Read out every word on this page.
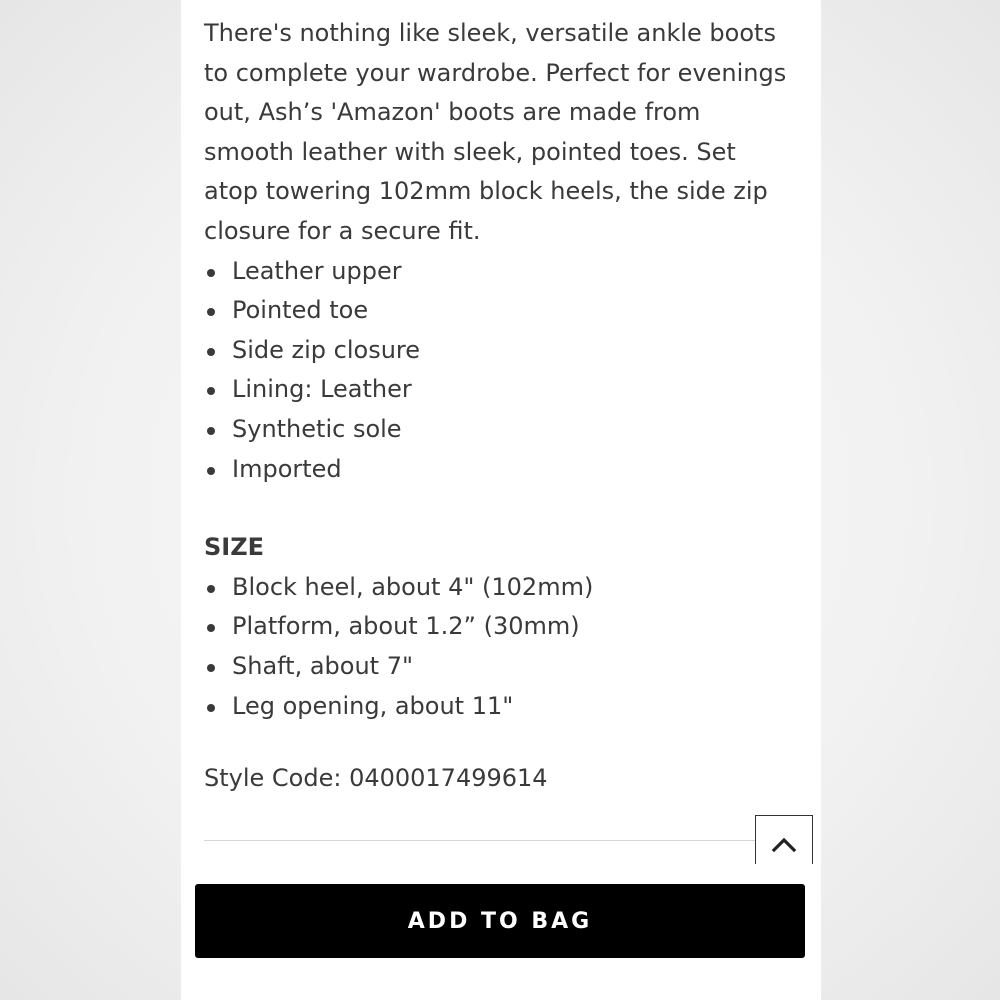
There's nothing like sleek, versatile ankle boots to complete your wardrobe. Perfect for evenings out, Ash’s 'Amazon' boots are made from smooth leather with sleek, pointed toes. Set atop towering 102mm block heels, the side zip closure for a secure fit.

Leather upper
Pointed toe
Side zip closure
Lining: Leather
Synthetic sole
Imported
SIZE
Block heel, about 4" (102mm)
Platform, about 1.2” (30mm)
Shaft, about 7"
Leg opening, about 11"
Style Code: 0400017499614
ADD TO BAG
